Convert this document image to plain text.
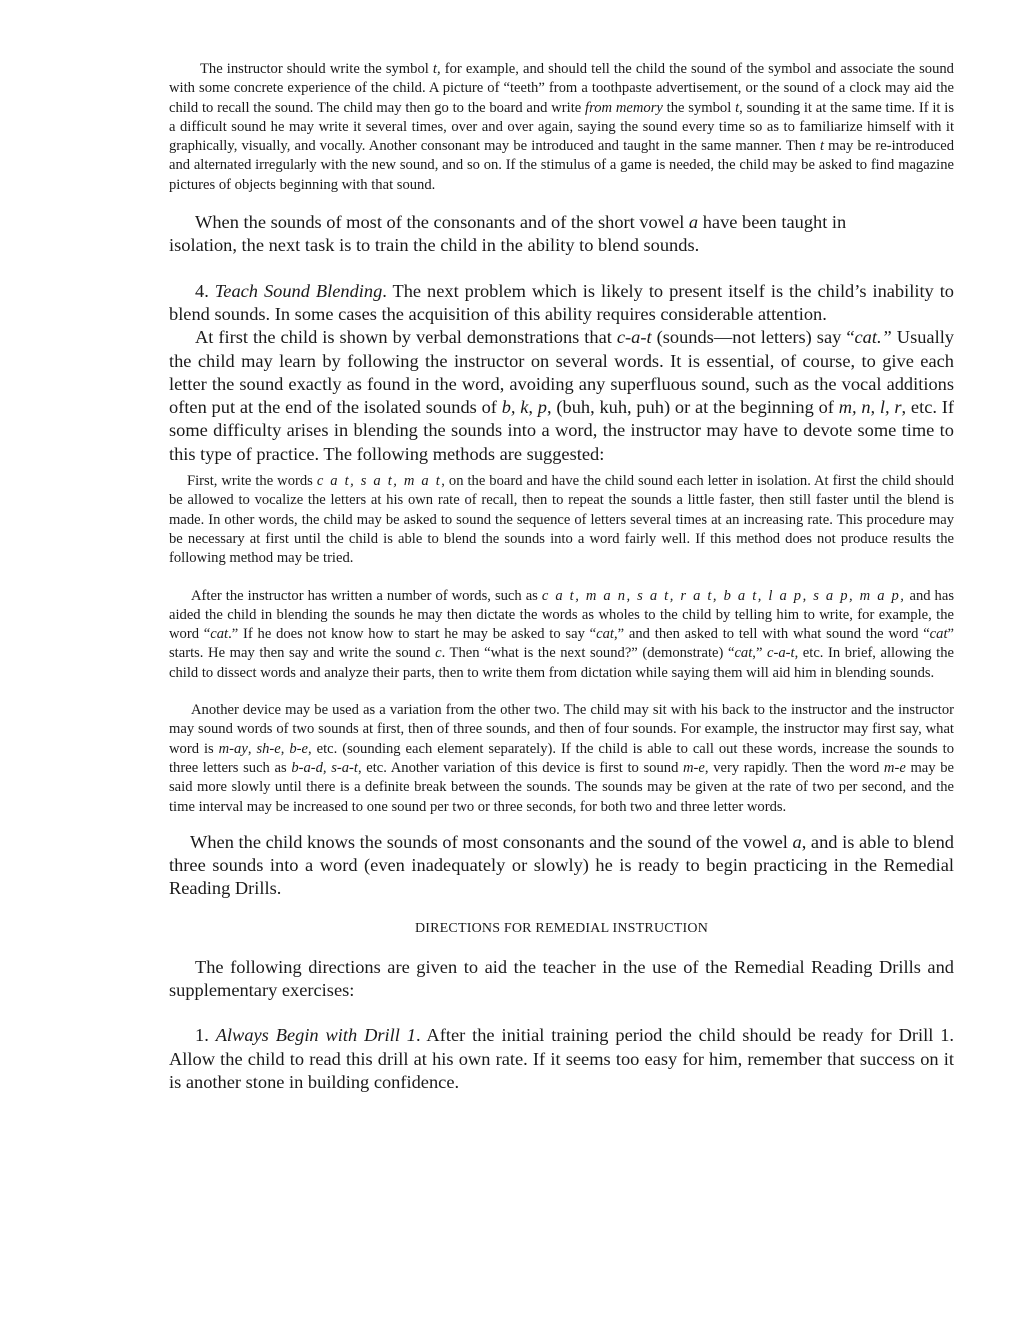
The instructor should write the symbol t, for example, and should tell the child the sound of the symbol and associate the sound with some concrete experience of the child. A picture of “teeth” from a toothpaste advertisement, or the sound of a clock may aid the child to recall the sound. The child may then go to the board and write from memory the symbol t, sounding it at the same time. If it is a difficult sound he may write it several times, over and over again, saying the sound every time so as to familiarize himself with it graphically, visually, and vocally. Another consonant may be introduced and taught in the same manner. Then t may be re-introduced and alternated irregularly with the new sound, and so on. If the stimulus of a game is needed, the child may be asked to find magazine pictures of objects beginning with that sound.

When the sounds of most of the consonants and of the short vowel a have been taught in isolation, the next task is to train the child in the ability to blend sounds.

4. Teach Sound Blending. The next problem which is likely to present itself is the child’s inability to blend sounds. In some cases the acquisition of this ability requires considerable attention.

At first the child is shown by verbal demonstrations that c-a-t (sounds—not letters) say “cat.” Usually the child may learn by following the instructor on several words. It is essential, of course, to give each letter the sound exactly as found in the word, avoiding any superfluous sound, such as the vocal additions often put at the end of the isolated sounds of b, k, p, (buh, kuh, puh) or at the beginning of m, n, l, r, etc. If some difficulty arises in blending the sounds into a word, the instructor may have to devote some time to this type of practice. The following methods are suggested:

First, write the words c a t, s a t, m a t, on the board and have the child sound each letter in isolation. At first the child should be allowed to vocalize the letters at his own rate of recall, then to repeat the sounds a little faster, then still faster until the blend is made. In other words, the child may be asked to sound the sequence of letters several times at an increasing rate. This procedure may be necessary at first until the child is able to blend the sounds into a word fairly well. If this method does not produce results the following method may be tried.

After the instructor has written a number of words, such as c a t, m a n, s a t, r a t, b a t, l a p, s a p, m a p, and has aided the child in blending the sounds he may then dictate the words as wholes to the child by telling him to write, for example, the word “cat.” If he does not know how to start he may be asked to say “cat,” and then asked to tell with what sound the word “cat” starts. He may then say and write the sound c. Then “what is the next sound?” (demonstrate) “cat,” c-a-t, etc. In brief, allowing the child to dissect words and analyze their parts, then to write them from dictation while saying them will aid him in blending sounds.

Another device may be used as a variation from the other two. The child may sit with his back to the instructor and the instructor may sound words of two sounds at first, then of three sounds, and then of four sounds. For example, the instructor may first say, what word is m-ay, sh-e, b-e, etc. (sounding each element separately). If the child is able to call out these words, increase the sounds to three letters such as b-a-d, s-a-t, etc. Another variation of this device is first to sound m-e, very rapidly. Then the word m-e may be said more slowly until there is a definite break between the sounds. The sounds may be given at the rate of two per second, and the time interval may be increased to one sound per two or three seconds, for both two and three letter words.

When the child knows the sounds of most consonants and the sound of the vowel a, and is able to blend three sounds into a word (even inadequately or slowly) he is ready to begin practicing in the Remedial Reading Drills.

DIRECTIONS FOR REMEDIAL INSTRUCTION

The following directions are given to aid the teacher in the use of the Remedial Reading Drills and supplementary exercises:

1. Always Begin with Drill 1. After the initial training period the child should be ready for Drill 1. Allow the child to read this drill at his own rate. If it seems too easy for him, remember that success on it is another stone in building confidence.
